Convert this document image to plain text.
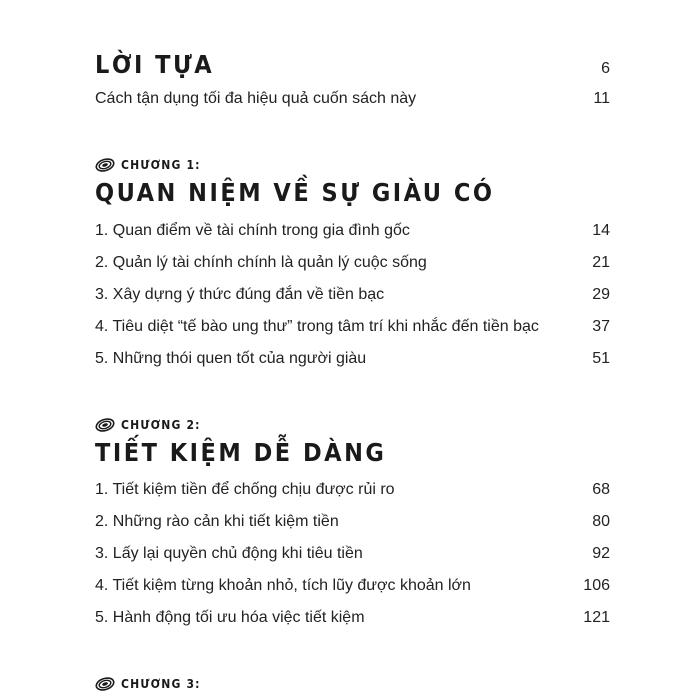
LỜI TỰA	6
Cách tận dụng tối đa hiệu quả cuốn sách này	11
CHƯƠNG 1:
QUAN NIỆM VỀ SỰ GIÀU CÓ
1. Quan điểm về tài chính trong gia đình gốc	14
2. Quản lý tài chính chính là quản lý cuộc sống	21
3. Xây dựng ý thức đúng đắn về tiền bạc	29
4. Tiêu diệt “tế bào ung thư” trong tâm trí khi nhắc đến tiền bạc	37
5. Những thói quen tốt của người giàu	51
CHƯƠNG 2:
TIẾT KIỆM DỄ DÀNG
1. Tiết kiệm tiền để chống chịu được rủi ro	68
2. Những rào cản khi tiết kiệm tiền	80
3. Lấy lại quyền chủ động khi tiêu tiền	92
4. Tiết kiệm từng khoản nhỏ, tích lũy được khoản lớn	106
5. Hành động tối ưu hóa việc tiết kiệm	121
CHƯƠNG 3:
